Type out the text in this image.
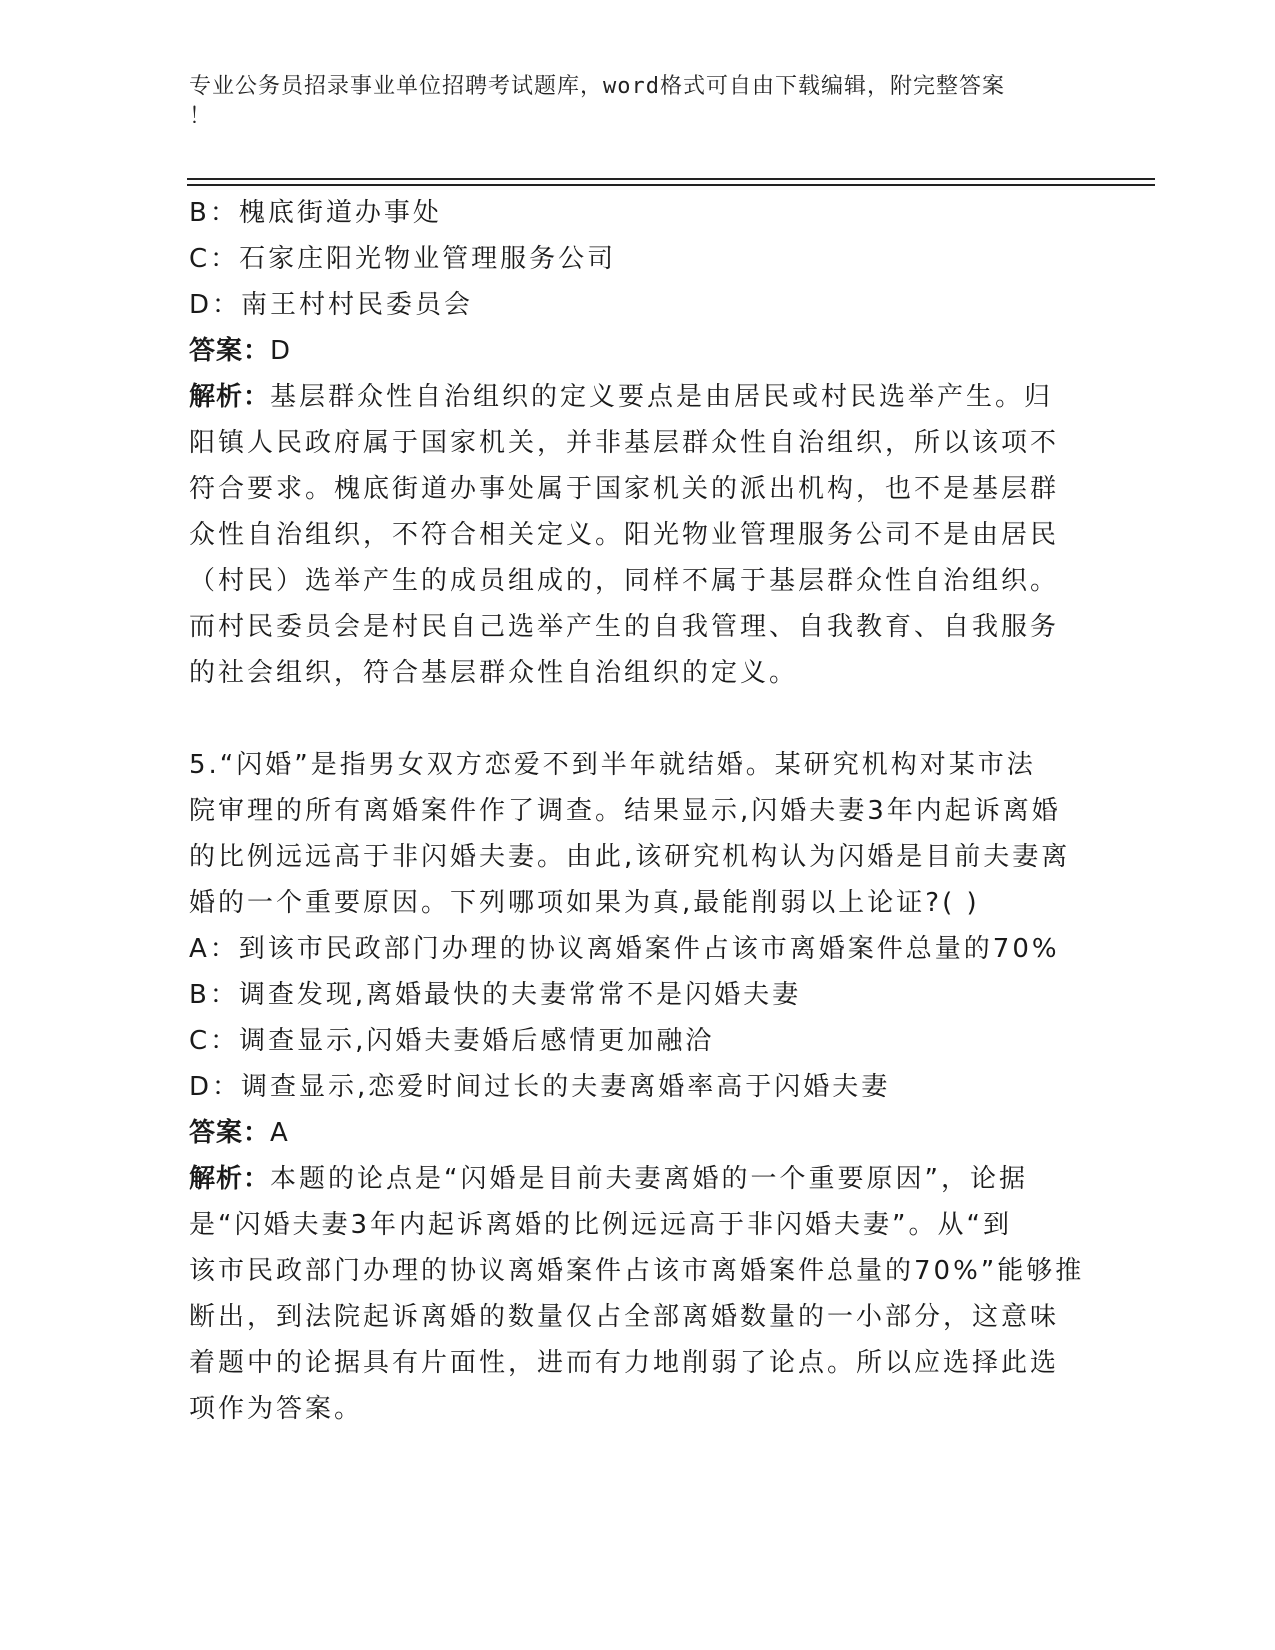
专业公务员招录事业单位招聘考试题库，word格式可自由下载编辑，附完整答案
！
B：槐底街道办事处
C：石家庄阳光物业管理服务公司
D：南王村村民委员会
答案：D
解析：基层群众性自治组织的定义要点是由居民或村民选举产生。归
阳镇人民政府属于国家机关，并非基层群众性自治组织，所以该项不
符合要求。槐底街道办事处属于国家机关的派出机构，也不是基层群
众性自治组织，不符合相关定义。阳光物业管理服务公司不是由居民
（村民）选举产生的成员组成的，同样不属于基层群众性自治组织。
而村民委员会是村民自己选举产生的自我管理、自我教育、自我服务
的社会组织，符合基层群众性自治组织的定义。
5.“闪婚”是指男女双方恋爱不到半年就结婚。某研究机构对某市法
院审理的所有离婚案件作了调查。结果显示,闪婚夫妻3年内起诉离婚
的比例远远高于非闪婚夫妻。由此,该研究机构认为闪婚是目前夫妻离
婚的一个重要原因。下列哪项如果为真,最能削弱以上论证?( )
A：到该市民政部门办理的协议离婚案件占该市离婚案件总量的70%
B：调查发现,离婚最快的夫妻常常不是闪婚夫妻
C：调查显示,闪婚夫妻婚后感情更加融洽
D：调查显示,恋爱时间过长的夫妻离婚率高于闪婚夫妻
答案：A
解析：本题的论点是“闪婚是目前夫妻离婚的一个重要原因”，论据
是“闪婚夫妻3年内起诉离婚的比例远远高于非闪婚夫妻”。从“到
该市民政部门办理的协议离婚案件占该市离婚案件总量的70%”能够推
断出，到法院起诉离婚的数量仅占全部离婚数量的一小部分，这意味
着题中的论据具有片面性，进而有力地削弱了论点。所以应选择此选
项作为答案。
